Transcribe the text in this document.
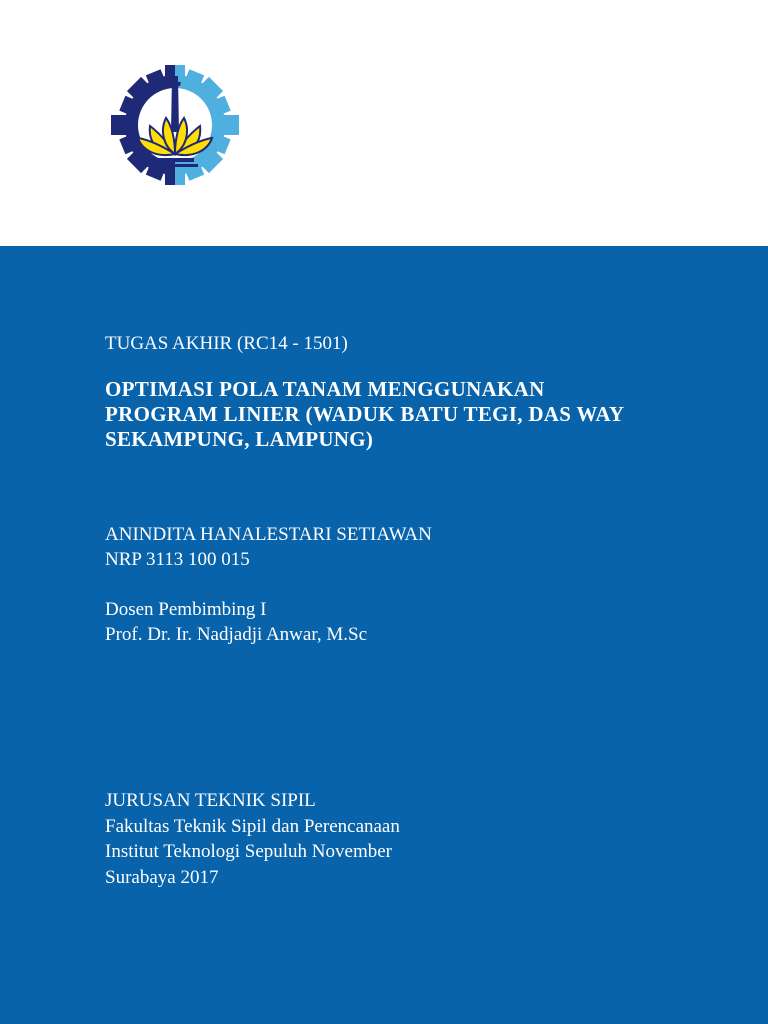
TUGAS AKHIR (RC14 - 1501)
OPTIMASI POLA TANAM MENGGUNAKAN
PROGRAM LINIER (WADUK BATU TEGI, DAS WAY
SEKAMPUNG, LAMPUNG)
ANINDITA HANALESTARI SETIAWAN
NRP 3113 100 015
Dosen Pembimbing I
Prof. Dr. Ir. Nadjadji Anwar, M.Sc
JURUSAN TEKNIK SIPIL
Fakultas Teknik Sipil dan Perencanaan
Institut Teknologi Sepuluh November
Surabaya 2017
